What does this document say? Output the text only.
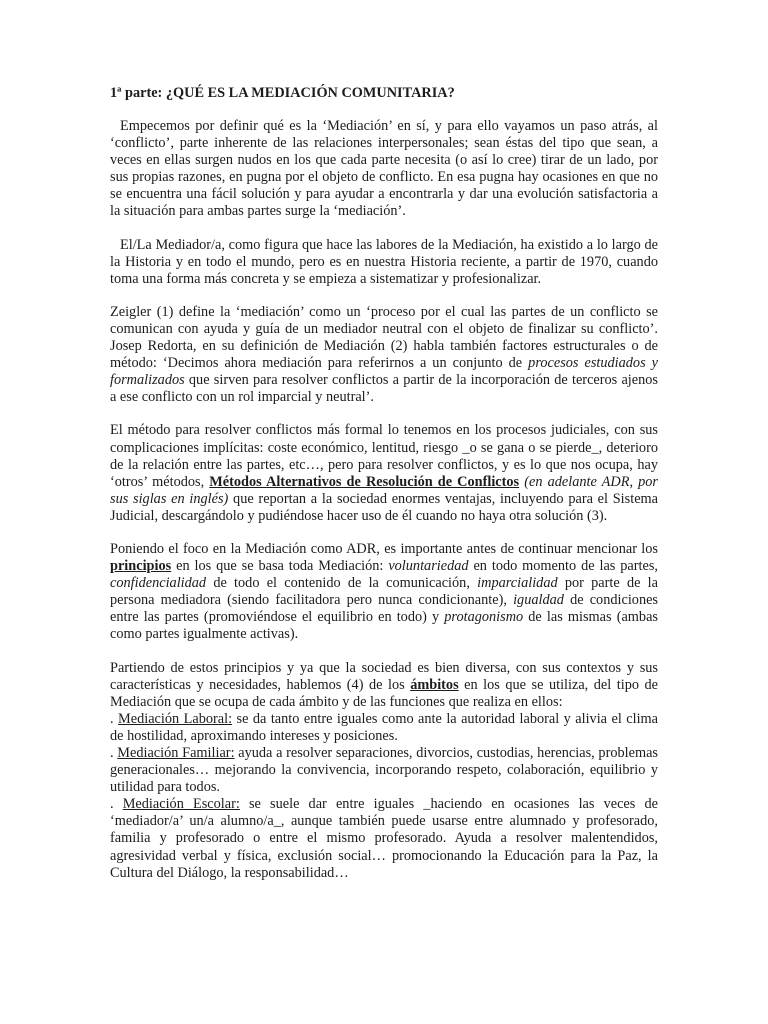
1ª parte: ¿QUÉ ES LA MEDIACIÓN COMUNITARIA?

Empecemos por definir qué es la ‘Mediación’ en sí, y para ello vayamos un paso atrás, al ‘conflicto’, parte inherente de las relaciones interpersonales; sean éstas del tipo que sean, a veces en ellas surgen nudos en los que cada parte necesita (o así lo cree) tirar de un lado, por sus propias razones, en pugna por el objeto de conflicto. En esa pugna hay ocasiones en que no se encuentra una fácil solución y para ayudar a encontrarla y dar una evolución satisfactoria a la situación para ambas partes surge la ‘mediación’.

El/La Mediador/a, como figura que hace las labores de la Mediación, ha existido a lo largo de la Historia y en todo el mundo, pero es en nuestra Historia reciente, a partir de 1970, cuando toma una forma más concreta y se empieza a sistematizar y profesionalizar.

Zeigler (1) define la ‘mediación’ como un ‘proceso por el cual las partes de un conflicto se comunican con ayuda y guía de un mediador neutral con el objeto de finalizar su conflicto’. Josep Redorta, en su definición de Mediación (2) habla también factores estructurales o de método: ‘Decimos ahora mediación para referirnos a un conjunto de procesos estudiados y formalizados que sirven para resolver conflictos a partir de la incorporación de terceros ajenos a ese conflicto con un rol imparcial y neutral’.

El método para resolver conflictos más formal lo tenemos en los procesos judiciales, con sus complicaciones implícitas: coste económico, lentitud, riesgo _o se gana o se pierde_, deterioro de la relación entre las partes, etc…, pero para resolver conflictos, y es lo que nos ocupa, hay ‘otros’ métodos, Métodos Alternativos de Resolución de Conflictos (en adelante ADR, por sus siglas en inglés) que reportan a la sociedad enormes ventajas, incluyendo para el Sistema Judicial, descargándolo y pudiéndose hacer uso de él cuando no haya otra solución (3).

Poniendo el foco en la Mediación como ADR, es importante antes de continuar mencionar los principios en los que se basa toda Mediación: voluntariedad en todo momento de las partes, confidencialidad de todo el contenido de la comunicación, imparcialidad por parte de la persona mediadora (siendo facilitadora pero nunca condicionante), igualdad de condiciones entre las partes (promoviéndose el equilibrio en todo) y protagonismo de las mismas (ambas como partes igualmente activas).

Partiendo de estos principios y ya que la sociedad es bien diversa, con sus contextos y sus características y necesidades, hablemos (4) de los ámbitos en los que se utiliza, del tipo de Mediación que se ocupa de cada ámbito y de las funciones que realiza en ellos:

. Mediación Laboral: se da tanto entre iguales como ante la autoridad laboral y alivia el clima de hostilidad, aproximando intereses y posiciones.

. Mediación Familiar: ayuda a resolver separaciones, divorcios, custodias, herencias, problemas generacionales… mejorando la convivencia, incorporando respeto, colaboración, equilibrio y utilidad para todos.

. Mediación Escolar: se suele dar entre iguales _haciendo en ocasiones las veces de ‘mediador/a’ un/a alumno/a_, aunque también puede usarse entre alumnado y profesorado, familia y profesorado o entre el mismo profesorado. Ayuda a resolver malentendidos, agresividad verbal y física, exclusión social… promocionando la Educación para la Paz, la Cultura del Diálogo, la responsabilidad…
